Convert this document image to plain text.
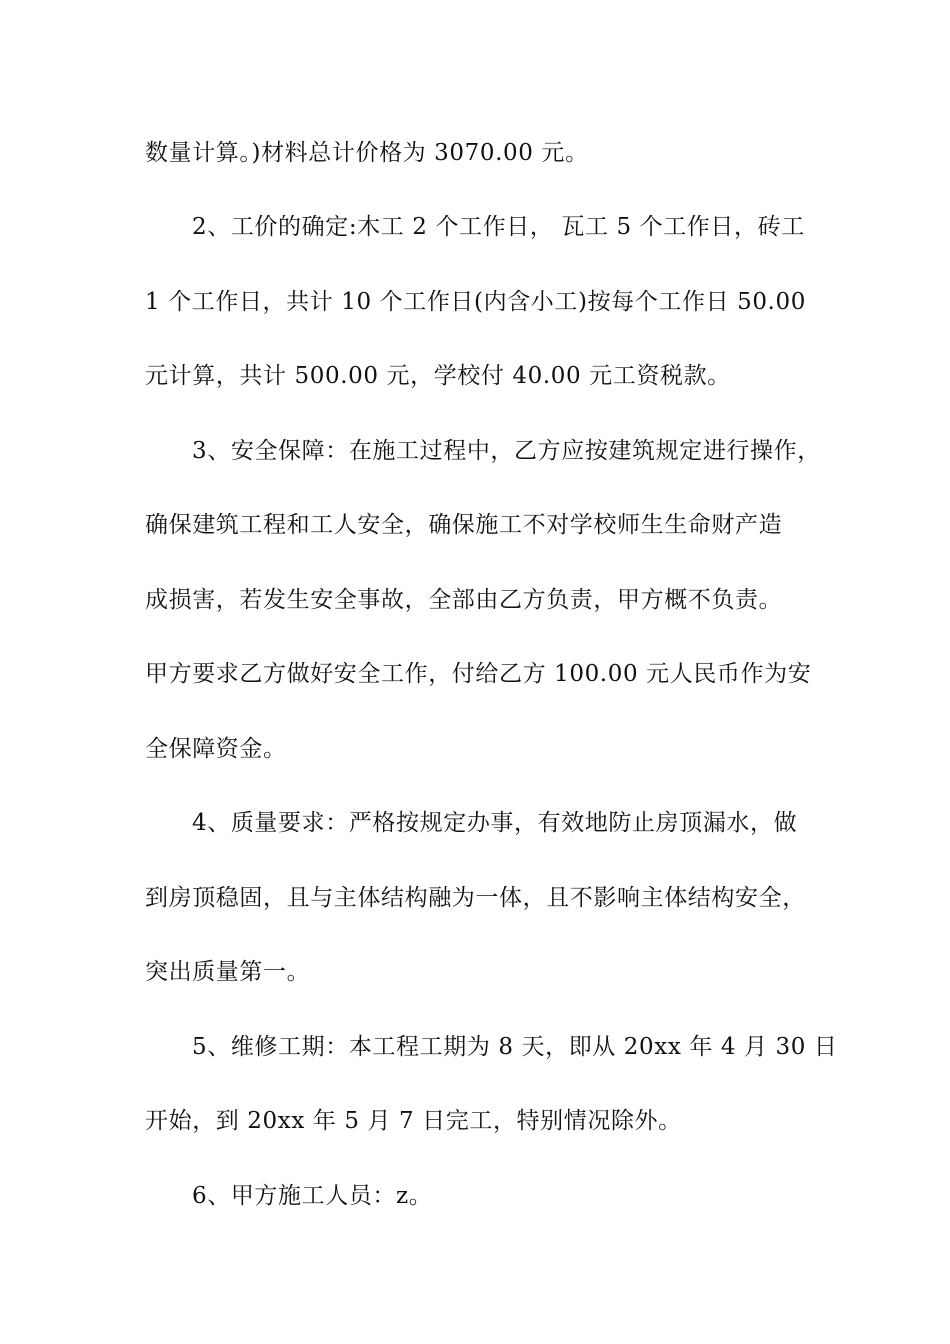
数量计算。)材料总计价格为 3070.00 元。
2、工价的确定:木工 2 个工作日， 瓦工 5 个工作日，砖工
1 个工作日，共计 10 个工作日(内含小工)按每个工作日 50.00
元计算，共计 500.00 元，学校付 40.00 元工资税款。
3、安全保障：在施工过程中，乙方应按建筑规定进行操作，
确保建筑工程和工人安全，确保施工不对学校师生生命财产造
成损害，若发生安全事故，全部由乙方负责，甲方概不负责。
甲方要求乙方做好安全工作，付给乙方 100.00 元人民币作为安
全保障资金。
4、质量要求：严格按规定办事，有效地防止房顶漏水，做
到房顶稳固，且与主体结构融为一体，且不影响主体结构安全，
突出质量第一。
5、维修工期：本工程工期为 8 天，即从 20xx 年 4 月 30 日
开始，到 20xx 年 5 月 7 日完工，特别情况除外。
6、甲方施工人员：z。
